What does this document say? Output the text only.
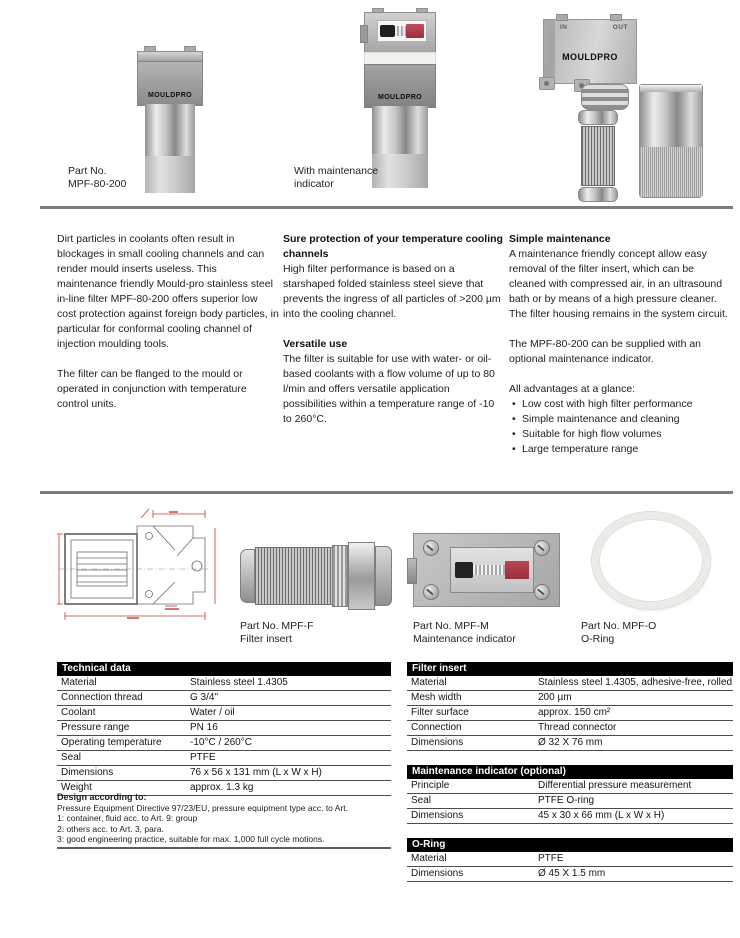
MOULDPRO
Part No.
MPF-80-200
MOULDPRO
With maintenance
indicator
IN	OUT
MOULDPRO

Dirt particles in coolants often result in blockages in small cooling channels and can render mould inserts useless. This maintenance friendly Mould-pro stainless steel in-line filter MPF-80-200 offers superior low cost protection against foreign body particles, in particular for conformal cooling channel of injection moulding tools.

The filter can be flanged to the mould or operated in conjunction with temperature control units.

Sure protection of your temperature cooling channels

High filter performance is based on a starshaped folded stainless steel sieve that prevents the ingress of all particles of >200 µm into the cooling channel.

Versatile use

The filter is suitable for use with water- or oil-based coolants with a flow volume of up to 80 l/min and offers versatile application possibilities within a temperature range of -10 to 260°C.

Simple maintenance

A maintenance friendly concept allow easy removal of the filter insert, which can be cleaned with compressed air, in an ultrasound bath or by means of a high pressure cleaner. The filter housing remains in the system circuit.

The MPF-80-200 can be supplied with an optional maintenance indicator.

All advantages at a glance:

• Low cost with high filter performance
• Simple maintenance and cleaning
• Suitable for high flow volumes
• Large temperature range
Part No. MPF-F
Filter insert
Part No. MPF-M
Maintenance indicator
Part No. MPF-O
O-Ring
Technical data
Material	Stainless steel 1.4305
Connection thread	G 3/4"
Coolant	Water / oil
Pressure range	PN 16
Operating temperature	-10°C / 260°C
Seal	PTFE
Dimensions	76 x 56 x 131 mm (L x W x H)
Weight	approx. 1.3 kg
Design according to:
Pressure Equipment Directive 97/23/EU, pressure equipment type acc. to Art.
1: container, fluid acc. to Art. 9: group
2: others acc. to Art. 3, para.
3: good engineering practice, suitable for max. 1,000 full cycle motions.
Filter insert
Material	Stainless steel 1.4305, adhesive-free, rolled
Mesh width	200 µm
Filter surface	approx. 150 cm²
Connection	Thread connector
Dimensions	Ø 32 X 76 mm
Maintenance indicator (optional)
Principle	Differential pressure measurement
Seal	PTFE O-ring
Dimensions	45 x 30 x 66 mm (L x W x H)
O-Ring
Material	PTFE
Dimensions	Ø 45 X 1.5 mm
